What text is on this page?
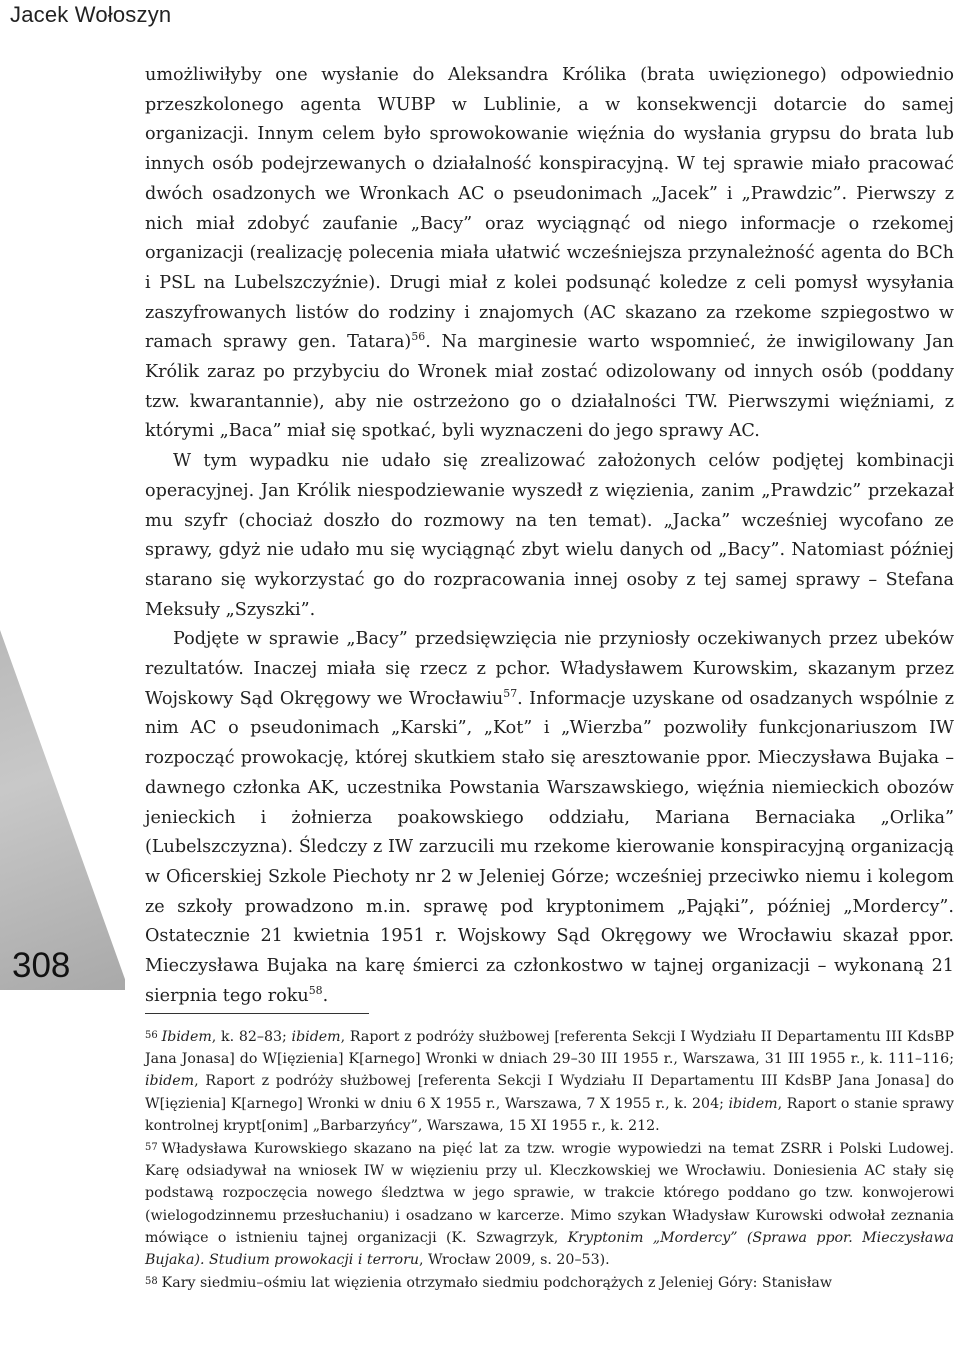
Jacek Wołoszyn
308

umożliwiłyby one wysłanie do Aleksandra Królika (brata uwięzionego) odpowiednio przeszkolonego agenta WUBP w Lublinie, a w konsekwencji dotarcie do samej organizacji. Innym celem było sprowokowanie więźnia do wysłania grypsu do brata lub innych osób podejrzewanych o działalność konspiracyjną. W tej sprawie miało pracować dwóch osadzonych we Wronkach AC o pseudonimach „Jacek” i „Prawdzic”. Pierwszy z nich miał zdobyć zaufanie „Bacy” oraz wyciągnąć od niego informacje o rzekomej organizacji (realizację polecenia miała ułatwić wcześniejsza przynależność agenta do BCh i PSL na Lubelszczyźnie). Drugi miał z kolei podsunąć koledze z celi pomysł wysyłania zaszyfrowanych listów do rodziny i znajomych (AC skazano za rzekome szpiegostwo w ramach sprawy gen. Tatara)$^{56}$. Na marginesie warto wspomnieć, że inwigilowany Jan Królik zaraz po przybyciu do Wronek miał zostać odizolowany od innych osób (poddany tzw. kwarantannie), aby nie ostrzeżono go o działalności TW. Pierwszymi więźniami, z którymi „Baca” miał się spotkać, byli wyznaczeni do jego sprawy AC.

W tym wypadku nie udało się zrealizować założonych celów podjętej kombinacji operacyjnej. Jan Królik niespodziewanie wyszedł z więzienia, zanim „Prawdzic” przekazał mu szyfr (chociaż doszło do rozmowy na ten temat). „Jacka” wcześniej wycofano ze sprawy, gdyż nie udało mu się wyciągnąć zbyt wielu danych od „Bacy”. Natomiast później starano się wykorzystać go do rozpracowania innej osoby z tej samej sprawy – Stefana Meksuły „Szyszki”.

Podjęte w sprawie „Bacy” przedsięwzięcia nie przyniosły oczekiwanych przez ubeków rezultatów. Inaczej miała się rzecz z pchor. Władysławem Kurowskim, skazanym przez Wojskowy Sąd Okręgowy we Wrocławiu$^{57}$. Informacje uzyskane od osadzanych wspólnie z nim AC o pseudonimach „Karski”, „Kot” i „Wierzba” pozwoliły funkcjonariuszom IW rozpocząć prowokację, której skutkiem stało się aresztowanie ppor. Mieczysława Bujaka – dawnego członka AK, uczestnika Powstania Warszawskiego, więźnia niemieckich obozów jenieckich i żołnierza poakowskiego oddziału, Mariana Bernaciaka „Orlika” (Lubelszczyzna). Śledczy z IW zarzucili mu rzekome kierowanie konspiracyjną organizacją w Oficerskiej Szkole Piechoty nr 2 w Jeleniej Górze; wcześniej przeciwko niemu i kolegom ze szkoły prowadzono m.in. sprawę pod kryptonimem „Pająki”, później „Mordercy”. Ostatecznie 21 kwietnia 1951 r. Wojskowy Sąd Okręgowy we Wrocławiu skazał ppor. Mieczysława Bujaka na karę śmierci za członkostwo w tajnej organizacji – wykonaną 21 sierpnia tego roku$^{58}$.

$^{56}$ Ibidem, k. 82–83; ibidem, Raport z podróży służbowej [referenta Sekcji I Wydziału II Departamentu III KdsBP Jana Jonasa] do W[ięzienia] K[arnego] Wronki w dniach 29–30 III 1955 r., Warszawa, 31 III 1955 r., k. 111–116; ibidem, Raport z podróży służbowej [referenta Sekcji I Wydziału II Departamentu III KdsBP Jana Jonasa] do W[ięzienia] K[arnego] Wronki w dniu 6 X 1955 r., Warszawa, 7 X 1955 r., k. 204; ibidem, Raport o stanie sprawy kontrolnej krypt[onim] „Barbarzyńcy”, Warszawa, 15 XI 1955 r., k. 212.

$^{57}$ Władysława Kurowskiego skazano na pięć lat za tzw. wrogie wypowiedzi na temat ZSRR i Polski Ludowej. Karę odsiadywał na wniosek IW w więzieniu przy ul. Kleczkowskiej we Wrocławiu. Doniesienia AC stały się podstawą rozpoczęcia nowego śledztwa w jego sprawie, w trakcie którego poddano go tzw. konwojerowi (wielogodzinnemu przesłuchaniu) i osadzano w karcerze. Mimo szykan Władysław Kurowski odwołał zeznania mówiące o istnieniu tajnej organizacji (K. Szwagrzyk, Kryptonim „Mordercy” (Sprawa ppor. Mieczysława Bujaka). Studium prowokacji i terroru, Wrocław 2009, s. 20–53).

$^{58}$ Kary siedmiu–ośmiu lat więzienia otrzymało siedmiu podchorążych z Jeleniej Góry: Stanisław
